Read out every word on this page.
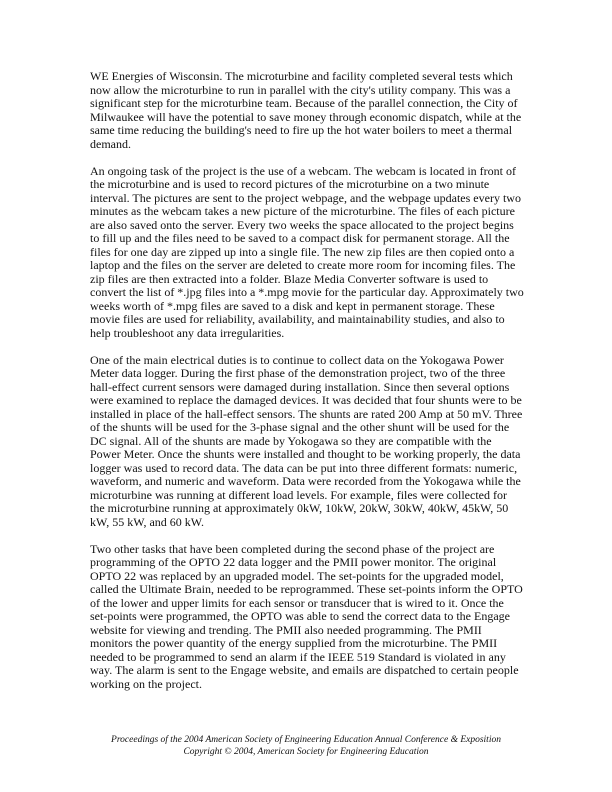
WE Energies of Wisconsin. The microturbine and facility completed several tests which now allow the microturbine to run in parallel with the city's utility company. This was a significant step for the microturbine team. Because of the parallel connection, the City of Milwaukee will have the potential to save money through economic dispatch, while at the same time reducing the building's need to fire up the hot water boilers to meet a thermal demand.

An ongoing task of the project is the use of a webcam. The webcam is located in front of the microturbine and is used to record pictures of the microturbine on a two minute interval. The pictures are sent to the project webpage, and the webpage updates every two minutes as the webcam takes a new picture of the microturbine. The files of each picture are also saved onto the server. Every two weeks the space allocated to the project begins to fill up and the files need to be saved to a compact disk for permanent storage. All the files for one day are zipped up into a single file. The new zip files are then copied onto a laptop and the files on the server are deleted to create more room for incoming files. The zip files are then extracted into a folder. Blaze Media Converter software is used to convert the list of *.jpg files into a *.mpg movie for the particular day. Approximately two weeks worth of *.mpg files are saved to a disk and kept in permanent storage. These movie files are used for reliability, availability, and maintainability studies, and also to help troubleshoot any data irregularities.

One of the main electrical duties is to continue to collect data on the Yokogawa Power Meter data logger. During the first phase of the demonstration project, two of the three hall-effect current sensors were damaged during installation. Since then several options were examined to replace the damaged devices. It was decided that four shunts were to be installed in place of the hall-effect sensors. The shunts are rated 200 Amp at 50 mV. Three of the shunts will be used for the 3-phase signal and the other shunt will be used for the DC signal. All of the shunts are made by Yokogawa so they are compatible with the Power Meter. Once the shunts were installed and thought to be working properly, the data logger was used to record data. The data can be put into three different formats: numeric, waveform, and numeric and waveform. Data were recorded from the Yokogawa while the microturbine was running at different load levels. For example, files were collected for the microturbine running at approximately 0kW, 10kW, 20kW, 30kW, 40kW, 45kW, 50 kW, 55 kW, and 60 kW.

Two other tasks that have been completed during the second phase of the project are programming of the OPTO 22 data logger and the PMII power monitor. The original OPTO 22 was replaced by an upgraded model. The set-points for the upgraded model, called the Ultimate Brain, needed to be reprogrammed. These set-points inform the OPTO of the lower and upper limits for each sensor or transducer that is wired to it. Once the set-points were programmed, the OPTO was able to send the correct data to the Engage website for viewing and trending. The PMII also needed programming. The PMII monitors the power quantity of the energy supplied from the microturbine. The PMII needed to be programmed to send an alarm if the IEEE 519 Standard is violated in any way. The alarm is sent to the Engage website, and emails are dispatched to certain people working on the project.

Proceedings of the 2004 American Society of Engineering Education Annual Conference & Exposition
Copyright © 2004, American Society for Engineering Education
